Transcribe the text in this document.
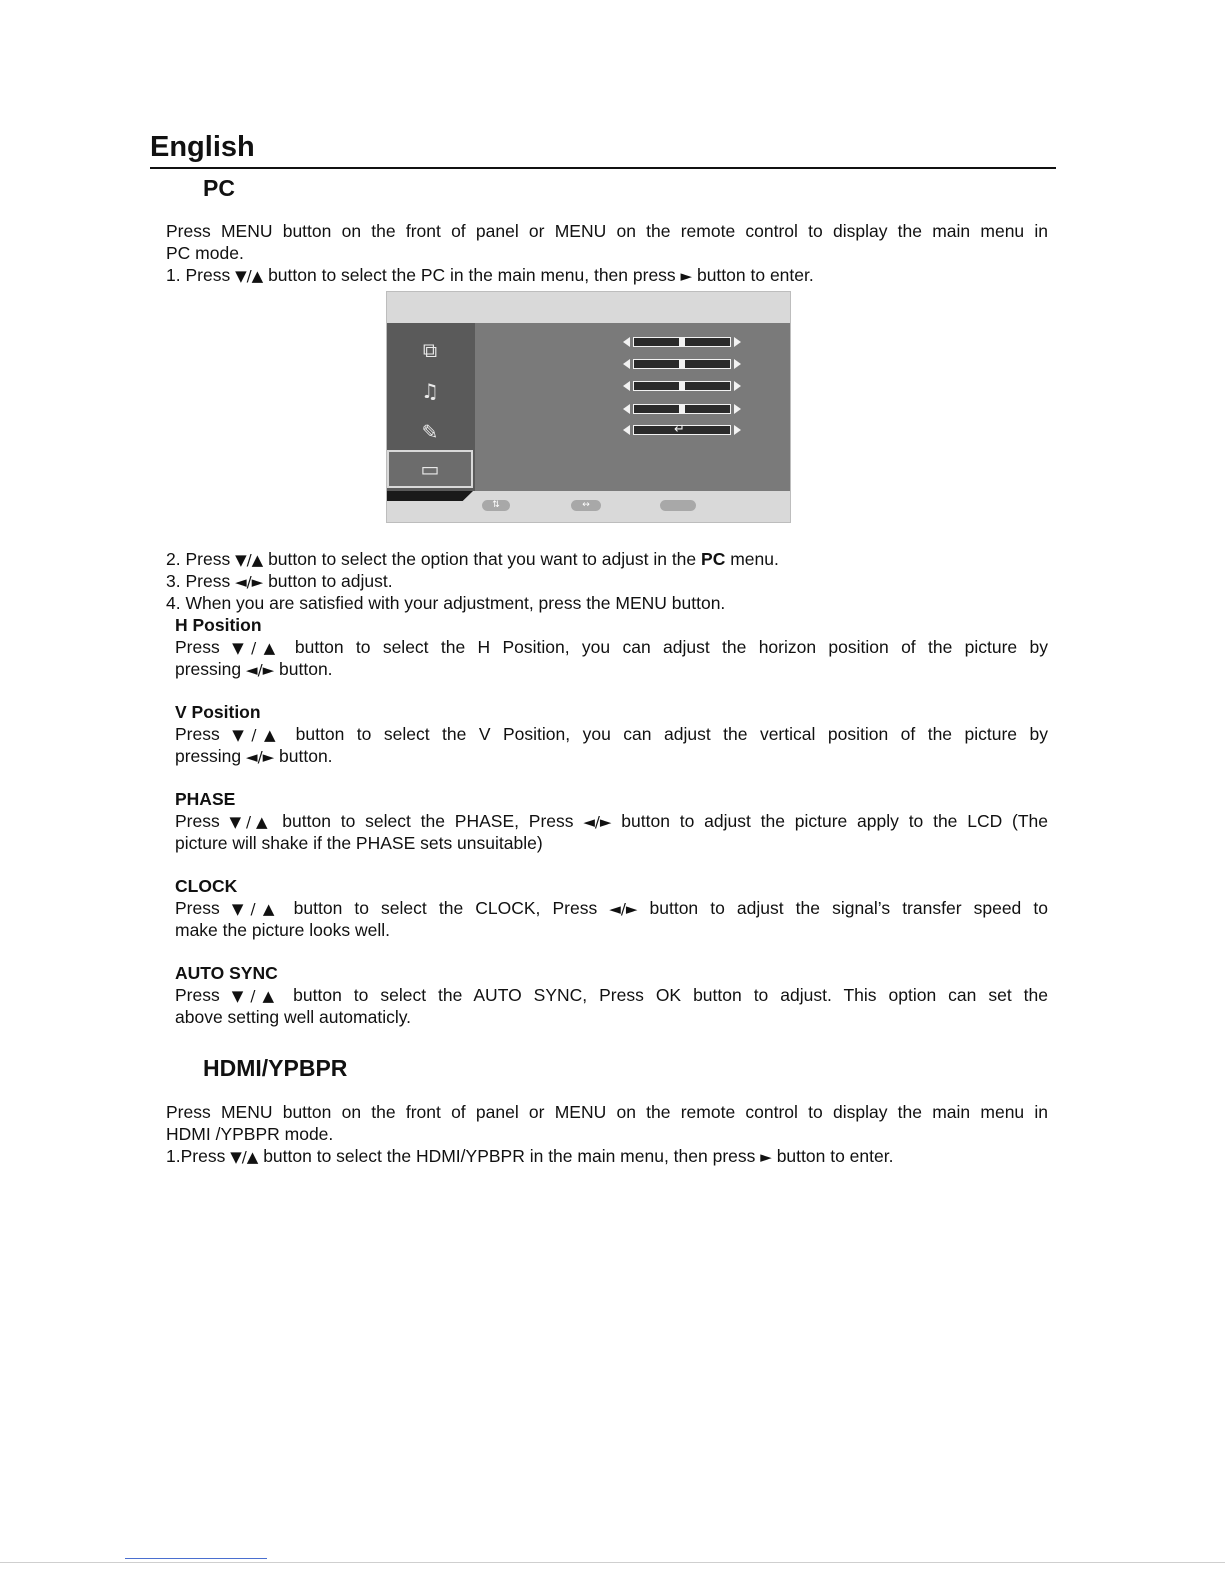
English
PC
Press MENU button on the front of panel or MENU on the remote control to display the main menu in
PC mode.
1. Press ▼/▲ button to select the PC in the main menu, then press ► button to enter.
⧉
♫
✎
▭
↵
⇅	↔
2. Press ▼/▲ button to select the option that you want to adjust in the PC menu.
3. Press ◄/► button to adjust.
4. When you are satisfied with your adjustment, press the MENU button.
H Position
Press ▼/▲ button to select the H Position, you can adjust the horizon position of the picture by
pressing ◄/► button.
V Position
Press ▼/▲ button to select the V Position, you can adjust the vertical position of the picture by
pressing ◄/► button.
PHASE
Press ▼/▲ button to select the PHASE, Press ◄/► button to adjust the picture apply to the LCD (The
picture will shake if the PHASE sets unsuitable)
CLOCK
Press ▼/▲ button to select the CLOCK, Press ◄/► button to adjust the signal’s transfer speed to
make the picture looks well.
AUTO SYNC
Press ▼/▲ button to select the AUTO SYNC, Press OK button to adjust. This option can set the
above setting well automaticly.
HDMI/YPBPR
Press MENU button on the front of panel or MENU on the remote control to display the main menu in
HDMI /YPBPR mode.
1.Press ▼/▲ button to select the HDMI/YPBPR in the main menu, then press ► button to enter.
